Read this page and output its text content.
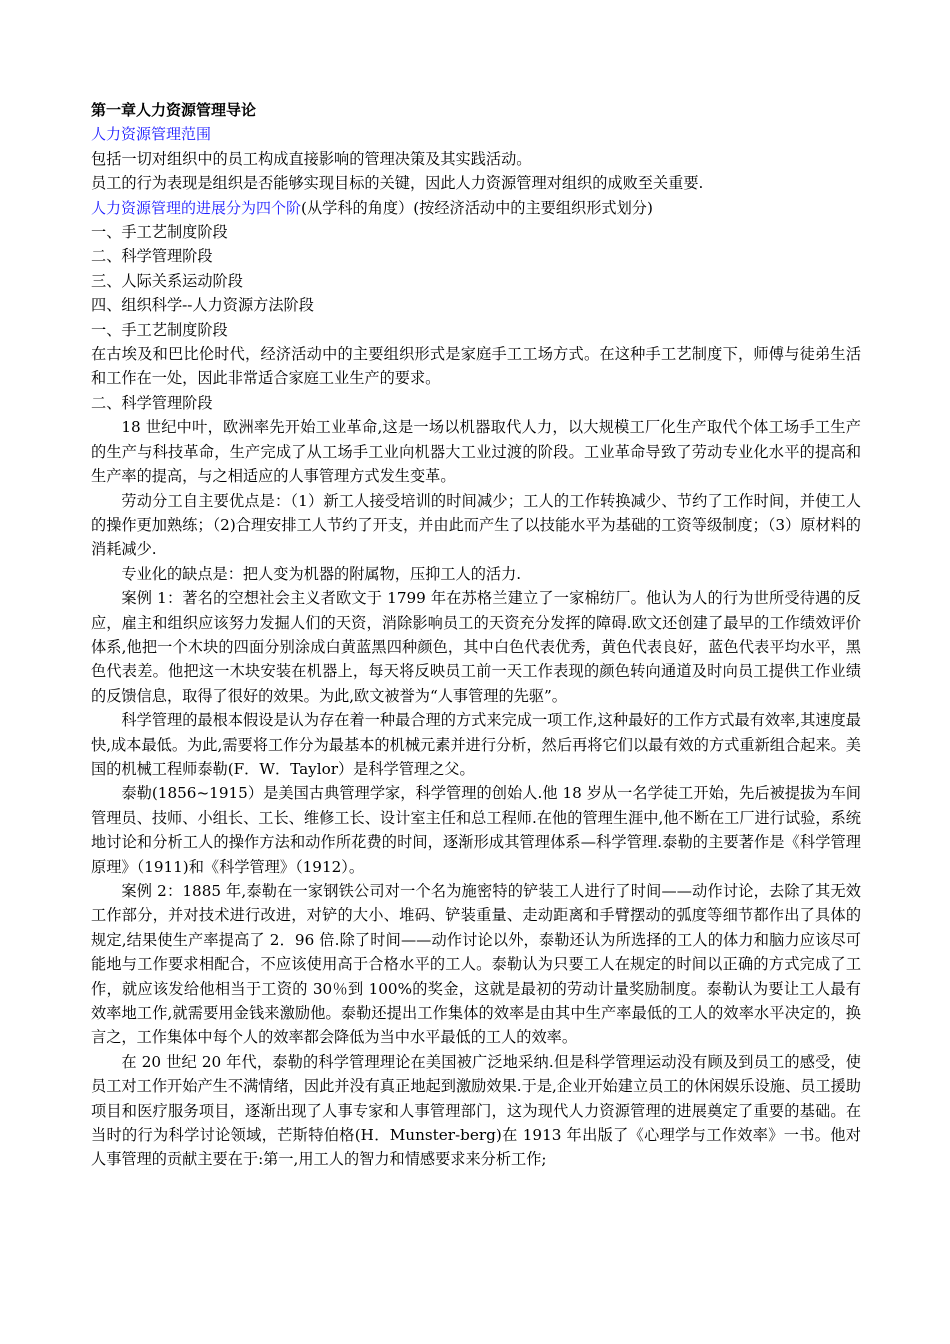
第一章人力资源管理导论

人力资源管理范围

包括一切对组织中的员工构成直接影响的管理决策及其实践活动。

员工的行为表现是组织是否能够实现目标的关键，因此人力资源管理对组织的成败至关重要.

人力资源管理的进展分为四个阶(从学科的角度）(按经济活动中的主要组织形式划分)

一、手工艺制度阶段

二、科学管理阶段

三、人际关系运动阶段

四、组织科学--人力资源方法阶段

一、手工艺制度阶段

在古埃及和巴比伦时代，经济活动中的主要组织形式是家庭手工工场方式。在这种手工艺制度下，师傅与徒弟生活和工作在一处，因此非常适合家庭工业生产的要求。

二、科学管理阶段

18 世纪中叶，欧洲率先开始工业革命,这是一场以机器取代人力，以大规模工厂化生产取代个体工场手工生产的生产与科技革命，生产完成了从工场手工业向机器大工业过渡的阶段。工业革命导致了劳动专业化水平的提高和生产率的提高，与之相适应的人事管理方式发生变革。

劳动分工自主要优点是：（1）新工人接受培训的时间减少；工人的工作转换减少、节约了工作时间，并使工人的操作更加熟练；（2)合理安排工人节约了开支，并由此而产生了以技能水平为基础的工资等级制度；（3）原材料的消耗减少.

专业化的缺点是：把人变为机器的附属物，压抑工人的活力.

案例 1：著名的空想社会主义者欧文于 1799 年在苏格兰建立了一家棉纺厂。他认为人的行为世所受待遇的反应，雇主和组织应该努力发掘人们的天资，消除影响员工的天资充分发挥的障碍.欧文还创建了最早的工作绩效评价体系,他把一个木块的四面分别涂成白黄蓝黑四种颜色，其中白色代表优秀，黄色代表良好，蓝色代表平均水平，黑色代表差。他把这一木块安装在机器上，每天将反映员工前一天工作表现的颜色转向通道及时向员工提供工作业绩的反馈信息，取得了很好的效果。为此,欧文被誉为“人事管理的先驱”。

科学管理的最根本假设是认为存在着一种最合理的方式来完成一项工作,这种最好的工作方式最有效率,其速度最快,成本最低。为此,需要将工作分为最基本的机械元素并进行分析，然后再将它们以最有效的方式重新组合起来。美国的机械工程师泰勒(F．W．Taylor）是科学管理之父。

泰勒(1856~1915）是美国古典管理学家，科学管理的创始人.他 18 岁从一名学徒工开始，先后被提拔为车间管理员、技师、小组长、工长、维修工长、设计室主任和总工程师.在他的管理生涯中,他不断在工厂进行试验，系统地讨论和分析工人的操作方法和动作所花费的时间，逐渐形成其管理体系—科学管理.泰勒的主要著作是《科学管理原理》（1911)和《科学管理》（1912）。

案例 2：1885 年,泰勒在一家钢铁公司对一个名为施密特的铲装工人进行了时间——动作讨论，去除了其无效工作部分，并对技术进行改进，对铲的大小、堆码、铲装重量、走动距离和手臂摆动的弧度等细节都作出了具体的规定,结果使生产率提高了 2．96 倍.除了时间——动作讨论以外，泰勒还认为所选择的工人的体力和脑力应该尽可能地与工作要求相配合，不应该使用高于合格水平的工人。泰勒认为只要工人在规定的时间以正确的方式完成了工作，就应该发给他相当于工资的 30％到 100%的奖金，这就是最初的劳动计量奖励制度。泰勒认为要让工人最有效率地工作,就需要用金钱来激励他。泰勒还提出工作集体的效率是由其中生产率最低的工人的效率水平决定的，换言之，工作集体中每个人的效率都会降低为当中水平最低的工人的效率。

在 20 世纪 20 年代，泰勒的科学管理理论在美国被广泛地采纳.但是科学管理运动没有顾及到员工的感受，使员工对工作开始产生不满情绪，因此并没有真正地起到激励效果.于是,企业开始建立员工的休闲娱乐设施、员工援助项目和医疗服务项目，逐渐出现了人事专家和人事管理部门，这为现代人力资源管理的进展奠定了重要的基础。在当时的行为科学讨论领域，芒斯特伯格(H．Munster-berg)在 1913 年出版了《心理学与工作效率》一书。他对人事管理的贡献主要在于:第一,用工人的智力和情感要求来分析工作;
